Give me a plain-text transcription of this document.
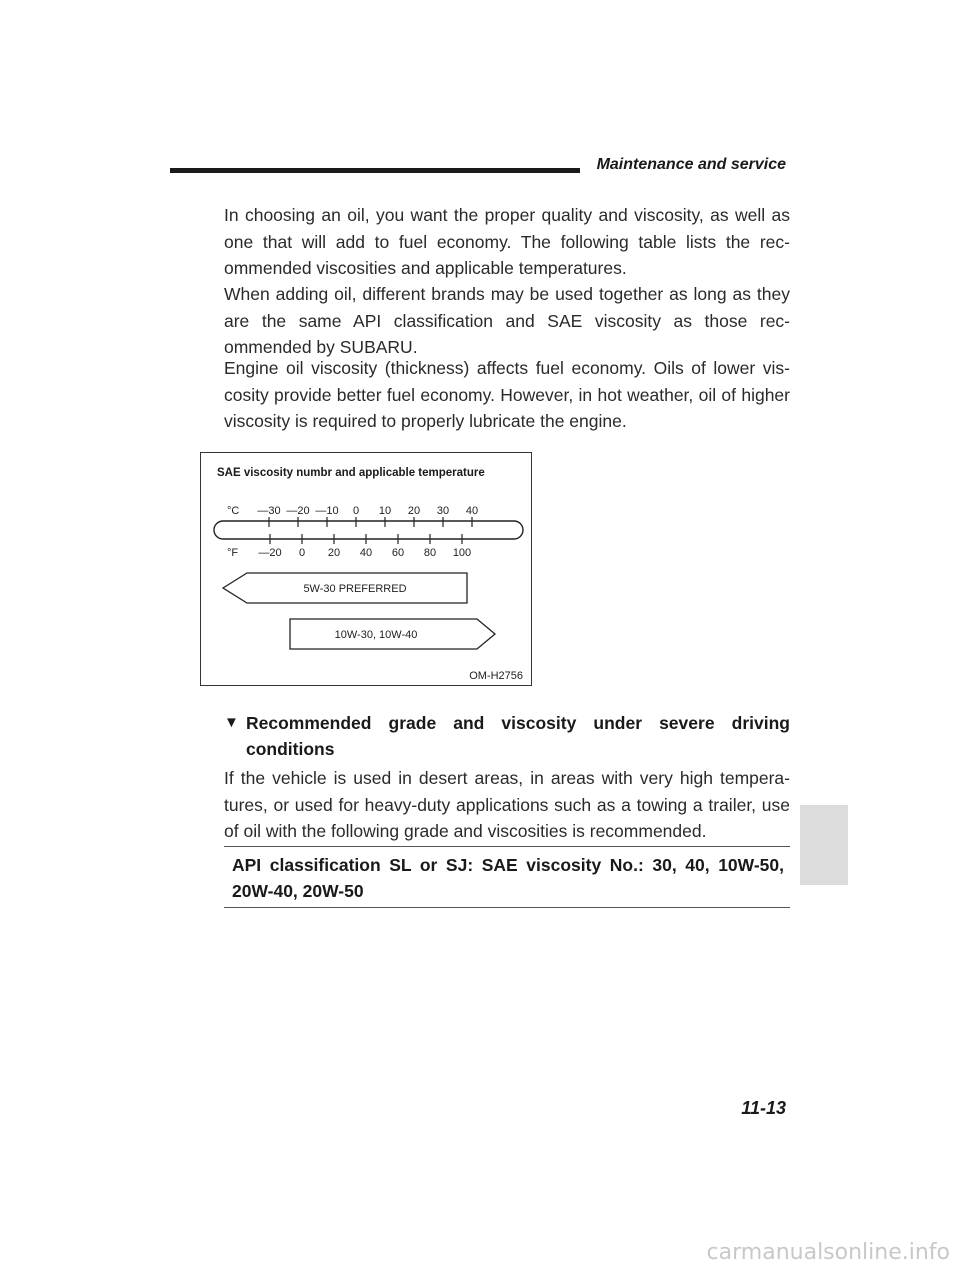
Maintenance and service

In choosing an oil, you want the proper quality and viscosity, as well as one that will add to fuel economy. The following table lists the recommended viscosities and applicable temperatures.

When adding oil, different brands may be used together as long as they are the same API classification and SAE viscosity as those recommended by SUBARU.

Engine oil viscosity (thickness) affects fuel economy. Oils of lower viscosity provide better fuel economy. However, in hot weather, oil of higher viscosity is required to properly lubricate the engine.

SAE viscosity numbr and applicable temperature
°C —30 —20 —10 0 10 20 30 40
°F —20 0 20 40 60 80 100
5W-30 PREFERRED
10W-30, 10W-40
OM-H2756
▼ Recommended grade and viscosity under severe driving
conditions

If the vehicle is used in desert areas, in areas with very high temperatures, or used for heavy-duty applications such as a towing a trailer, use of oil with the following grade and viscosities is recommended.

API classification SL or SJ: SAE viscosity No.: 30, 40, 10W-50, 20W-40, 20W-50
11-13
carmanualsonline.info
